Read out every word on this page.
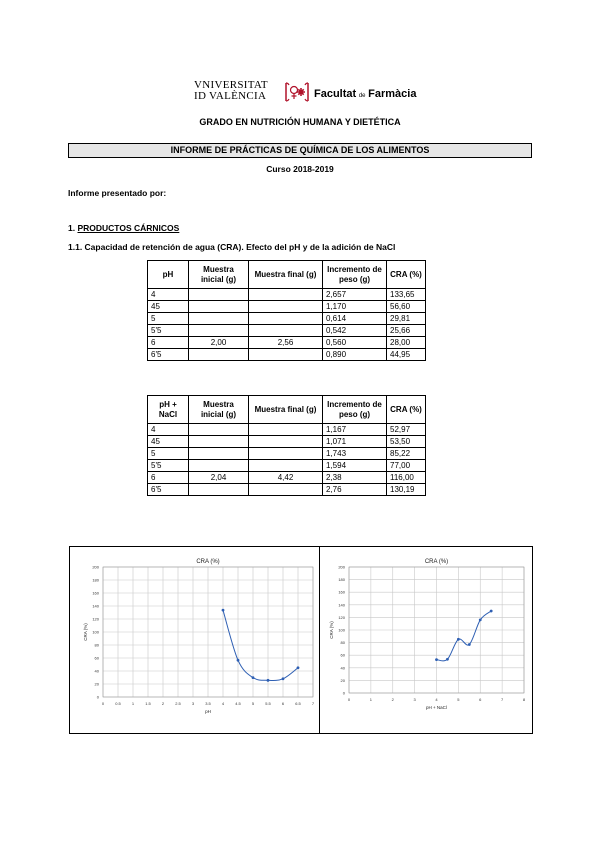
VNIVERSITAT
ID VALÈNCIA	Facultat de Farmàcia
GRADO EN NUTRICIÓN HUMANA Y DIETÉTICA
INFORME DE PRÁCTICAS DE QUÍMICA DE LOS ALIMENTOS
Curso 2018-2019
Informe presentado por:
1. PRODUCTOS CÁRNICOS
1.1. Capacidad de retención de agua (CRA). Efecto del pH y de la adición de NaCl
pH	Muestra inicial (g)	Muestra final (g)	Incremento de peso (g)	CRA (%)
4			2,657	133,65
45			1,170	56,60
5			0,614	29,81
5'5			0,542	25,66
6	2,00	2,56	0,560	28,00
6'5			0,890	44,95
pH + NaCl	Muestra inicial (g)	Muestra final (g)	Incremento de peso (g)	CRA (%)
4			1,167	52,97
45			1,071	53,50
5			1,743	85,22
5'5			1,594	77,00
6	2,04	4,42	2,38	116,00
6'5			2,76	130,19
0	0.5	1	1.5	2	2.5	3	3.5	4	4.5	5	5.5	6	6.5	7
0
20
40
60
80
100
120
140
160
180
200
CRA (%)
pH
CRA (%)
0	1	2	3	4	5	6	7	8
0
20
40
60
80
100
120
140
160
180
200
CRA (%)
pH + NaCl
CRA (%)
